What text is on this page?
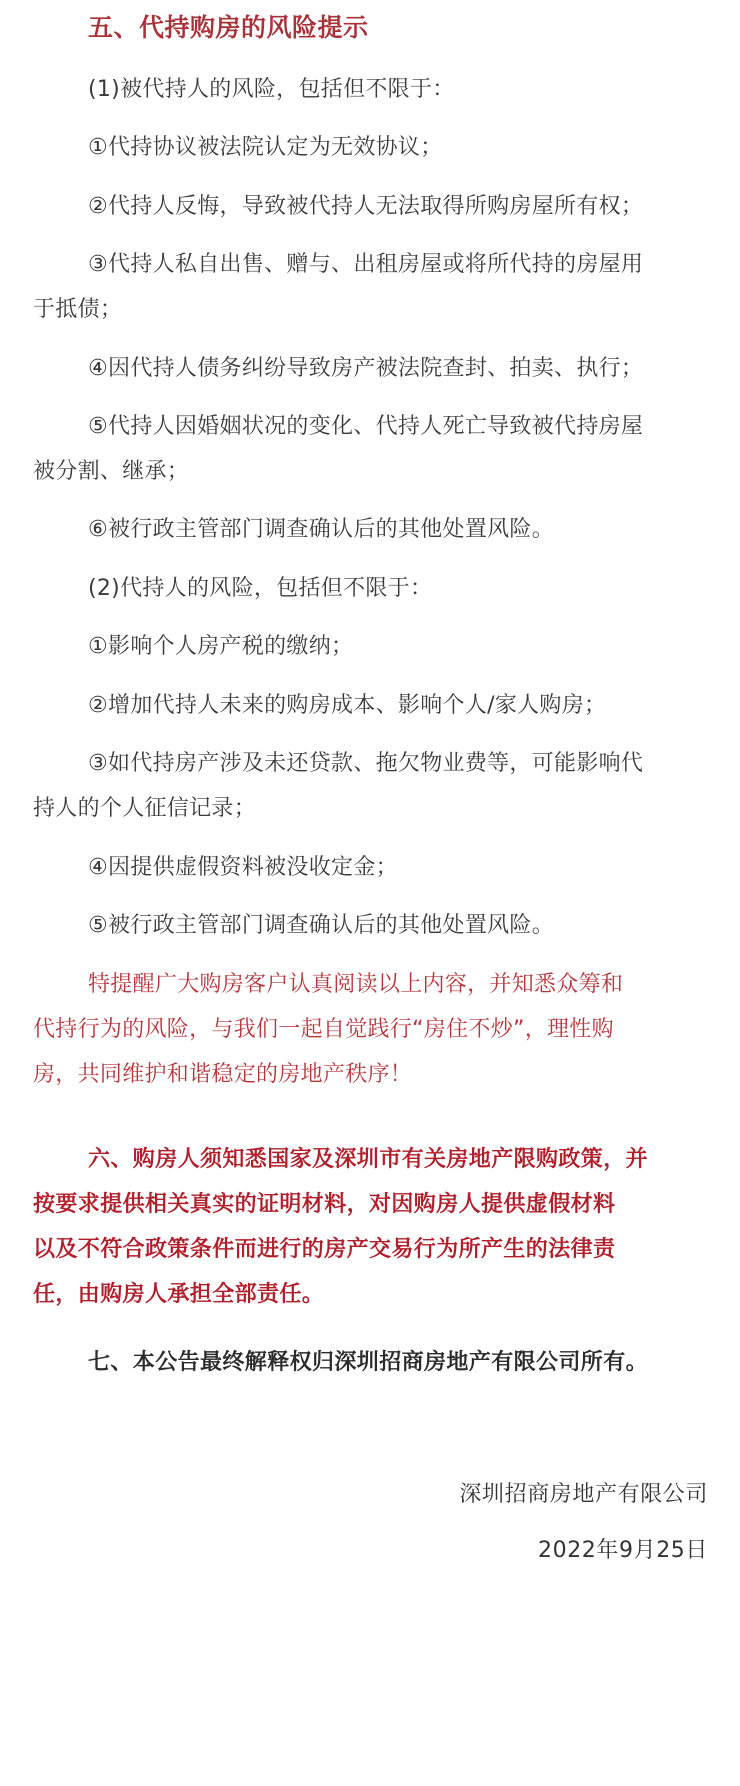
五、代持购房的风险提示
(1)被代持人的风险，包括但不限于：
①代持协议被法院认定为无效协议；
②代持人反悔，导致被代持人无法取得所购房屋所有权；
③代持人私自出售、赠与、出租房屋或将所代持的房屋用
于抵债；
④因代持人债务纠纷导致房产被法院查封、拍卖、执行；
⑤代持人因婚姻状况的变化、代持人死亡导致被代持房屋
被分割、继承；
⑥被行政主管部门调查确认后的其他处置风险。
(2)代持人的风险，包括但不限于：
①影响个人房产税的缴纳；
②增加代持人未来的购房成本、影响个人/家人购房；
③如代持房产涉及未还贷款、拖欠物业费等，可能影响代
持人的个人征信记录；
④因提供虚假资料被没收定金；
⑤被行政主管部门调查确认后的其他处置风险。
特提醒广大购房客户认真阅读以上内容，并知悉众筹和
代持行为的风险，与我们一起自觉践行“房住不炒”，理性购
房，共同维护和谐稳定的房地产秩序！
六、购房人须知悉国家及深圳市有关房地产限购政策，并
按要求提供相关真实的证明材料，对因购房人提供虚假材料
以及不符合政策条件而进行的房产交易行为所产生的法律责
任，由购房人承担全部责任。
七、本公告最终解释权归深圳招商房地产有限公司所有。
深圳招商房地产有限公司
2022年9月25日
